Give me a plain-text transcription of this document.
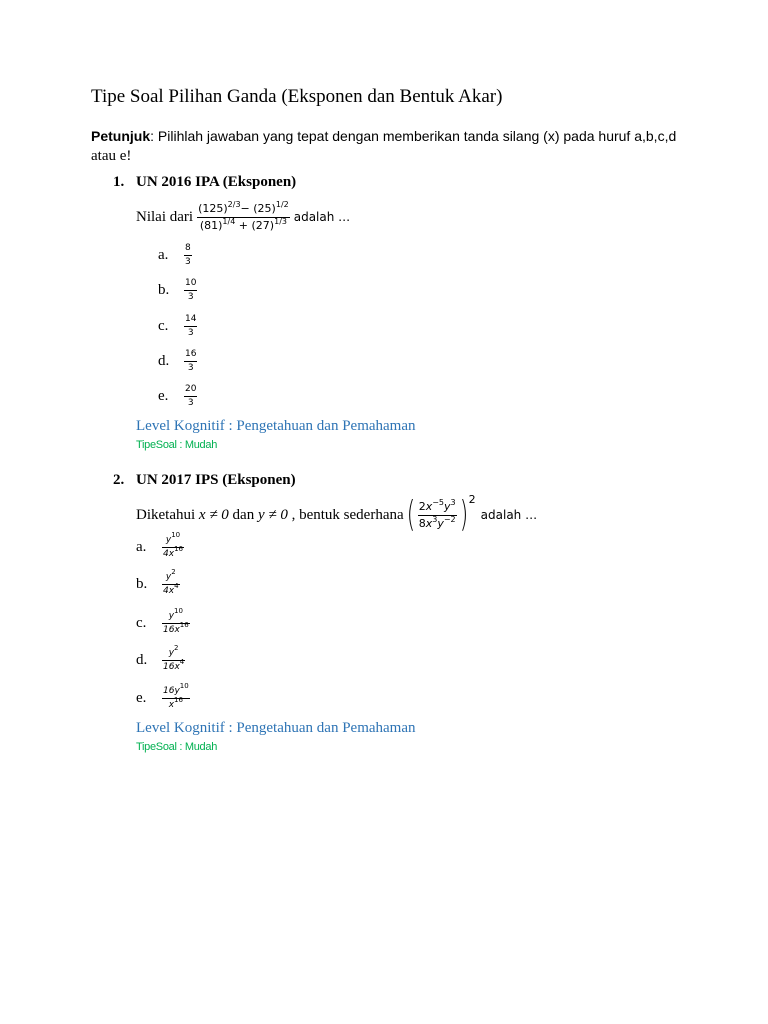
Tipe Soal Pilihan Ganda (Eksponen dan Bentuk Akar)
Petunjuk: Pilihlah jawaban yang tepat dengan memberikan tanda silang (x) pada huruf a,b,c,d
atau e!
1. UN 2016 IPA (Eksponen)
Nilai dari $\frac{(125)^{2/3}- (25)^{1/2}}{(81)^{1/4} + (27)^{1/3}}$ adalah …
a.	$\frac{8}{3}$
b.	$\frac{10}{3}$
c.	$\frac{14}{3}$
d.	$\frac{16}{3}$
e.	$\frac{20}{3}$
Level Kognitif : Pengetahuan dan Pemahaman
TipeSoal : Mudah
2. UN 2017 IPS (Eksponen)
Diketahui
x ≠ 0
dan
y ≠ 0
, bentuk sederhana ( $\frac{2x^{-5}y^3}{8x^3y^{-2}}$ ) 2
adalah …
a.	$\frac{y^{10}}{4x^{16}}$
b.	$\frac{y^2}{4x^4}$
c.	$\frac{y^{10}}{16x^{16}}$
d.	$\frac{y^2}{16x^4}$
e.	$\frac{16y^{10}}{x^{16}}$
Level Kognitif : Pengetahuan dan Pemahaman
TipeSoal : Mudah
